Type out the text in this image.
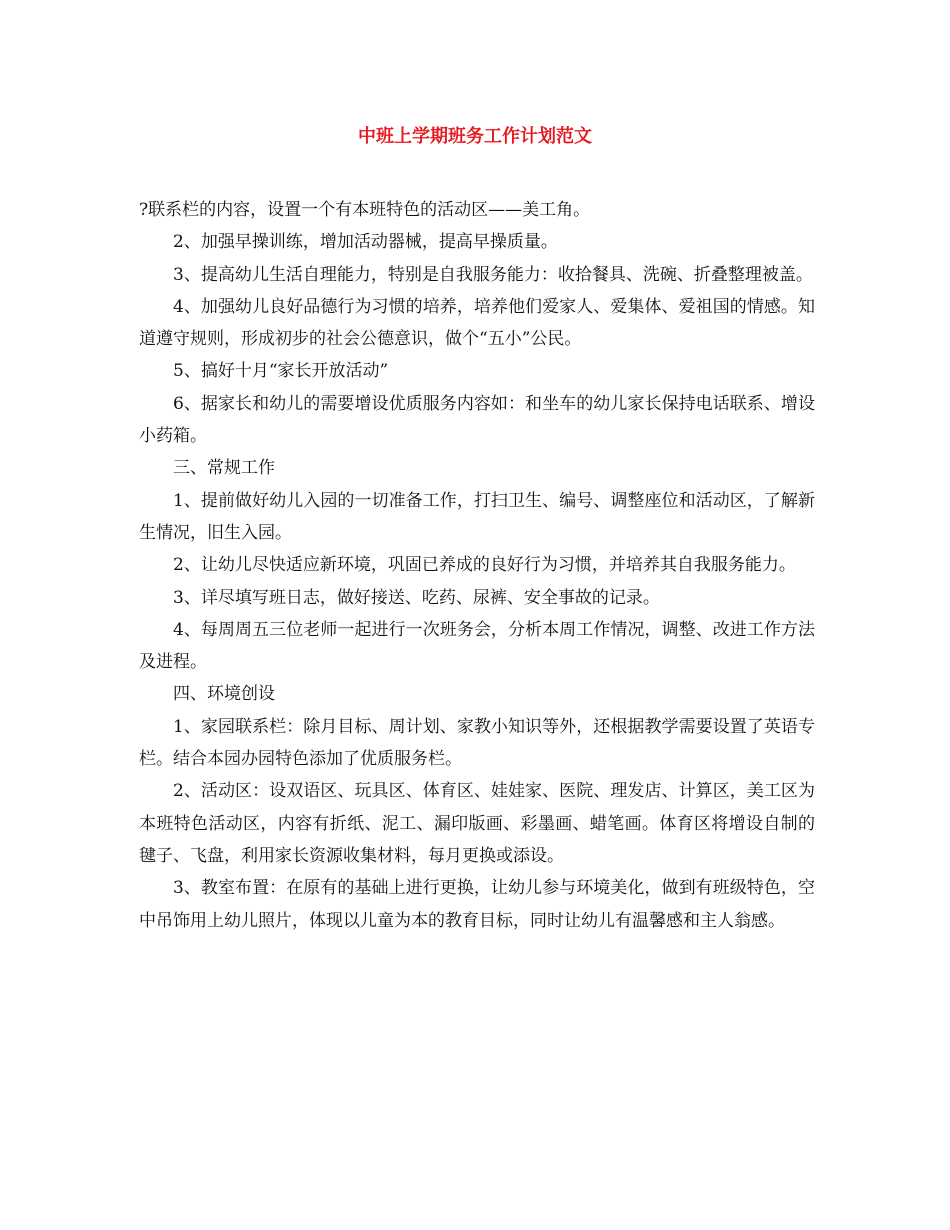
中班上学期班务工作计划范文

?联系栏的内容，设置一个有本班特色的活动区——美工角。

2、加强早操训练，增加活动器械，提高早操质量。

3、提高幼儿生活自理能力，特别是自我服务能力：收拾餐具、洗碗、折叠整理被盖。

4、加强幼儿良好品德行为习惯的培养，培养他们爱家人、爱集体、爱祖国的情感。知道遵守规则，形成初步的社会公德意识，做个“五小”公民。

5、搞好十月“家长开放活动”

6、据家长和幼儿的需要增设优质服务内容如：和坐车的幼儿家长保持电话联系、增设小药箱。

三、常规工作

1、提前做好幼儿入园的一切准备工作，打扫卫生、编号、调整座位和活动区，了解新生情况，旧生入园。

2、让幼儿尽快适应新环境，巩固已养成的良好行为习惯，并培养其自我服务能力。

3、详尽填写班日志，做好接送、吃药、尿裤、安全事故的记录。

4、每周周五三位老师一起进行一次班务会，分析本周工作情况，调整、改进工作方法及进程。

四、环境创设

1、家园联系栏：除月目标、周计划、家教小知识等外，还根据教学需要设置了英语专栏。结合本园办园特色添加了优质服务栏。

2、活动区：设双语区、玩具区、体育区、娃娃家、医院、理发店、计算区，美工区为本班特色活动区，内容有折纸、泥工、漏印版画、彩墨画、蜡笔画。体育区将增设自制的毽子、飞盘，利用家长资源收集材料，每月更换或添设。

3、教室布置：在原有的基础上进行更换，让幼儿参与环境美化，做到有班级特色，空中吊饰用上幼儿照片，体现以儿童为本的教育目标，同时让幼儿有温馨感和主人翁感。
